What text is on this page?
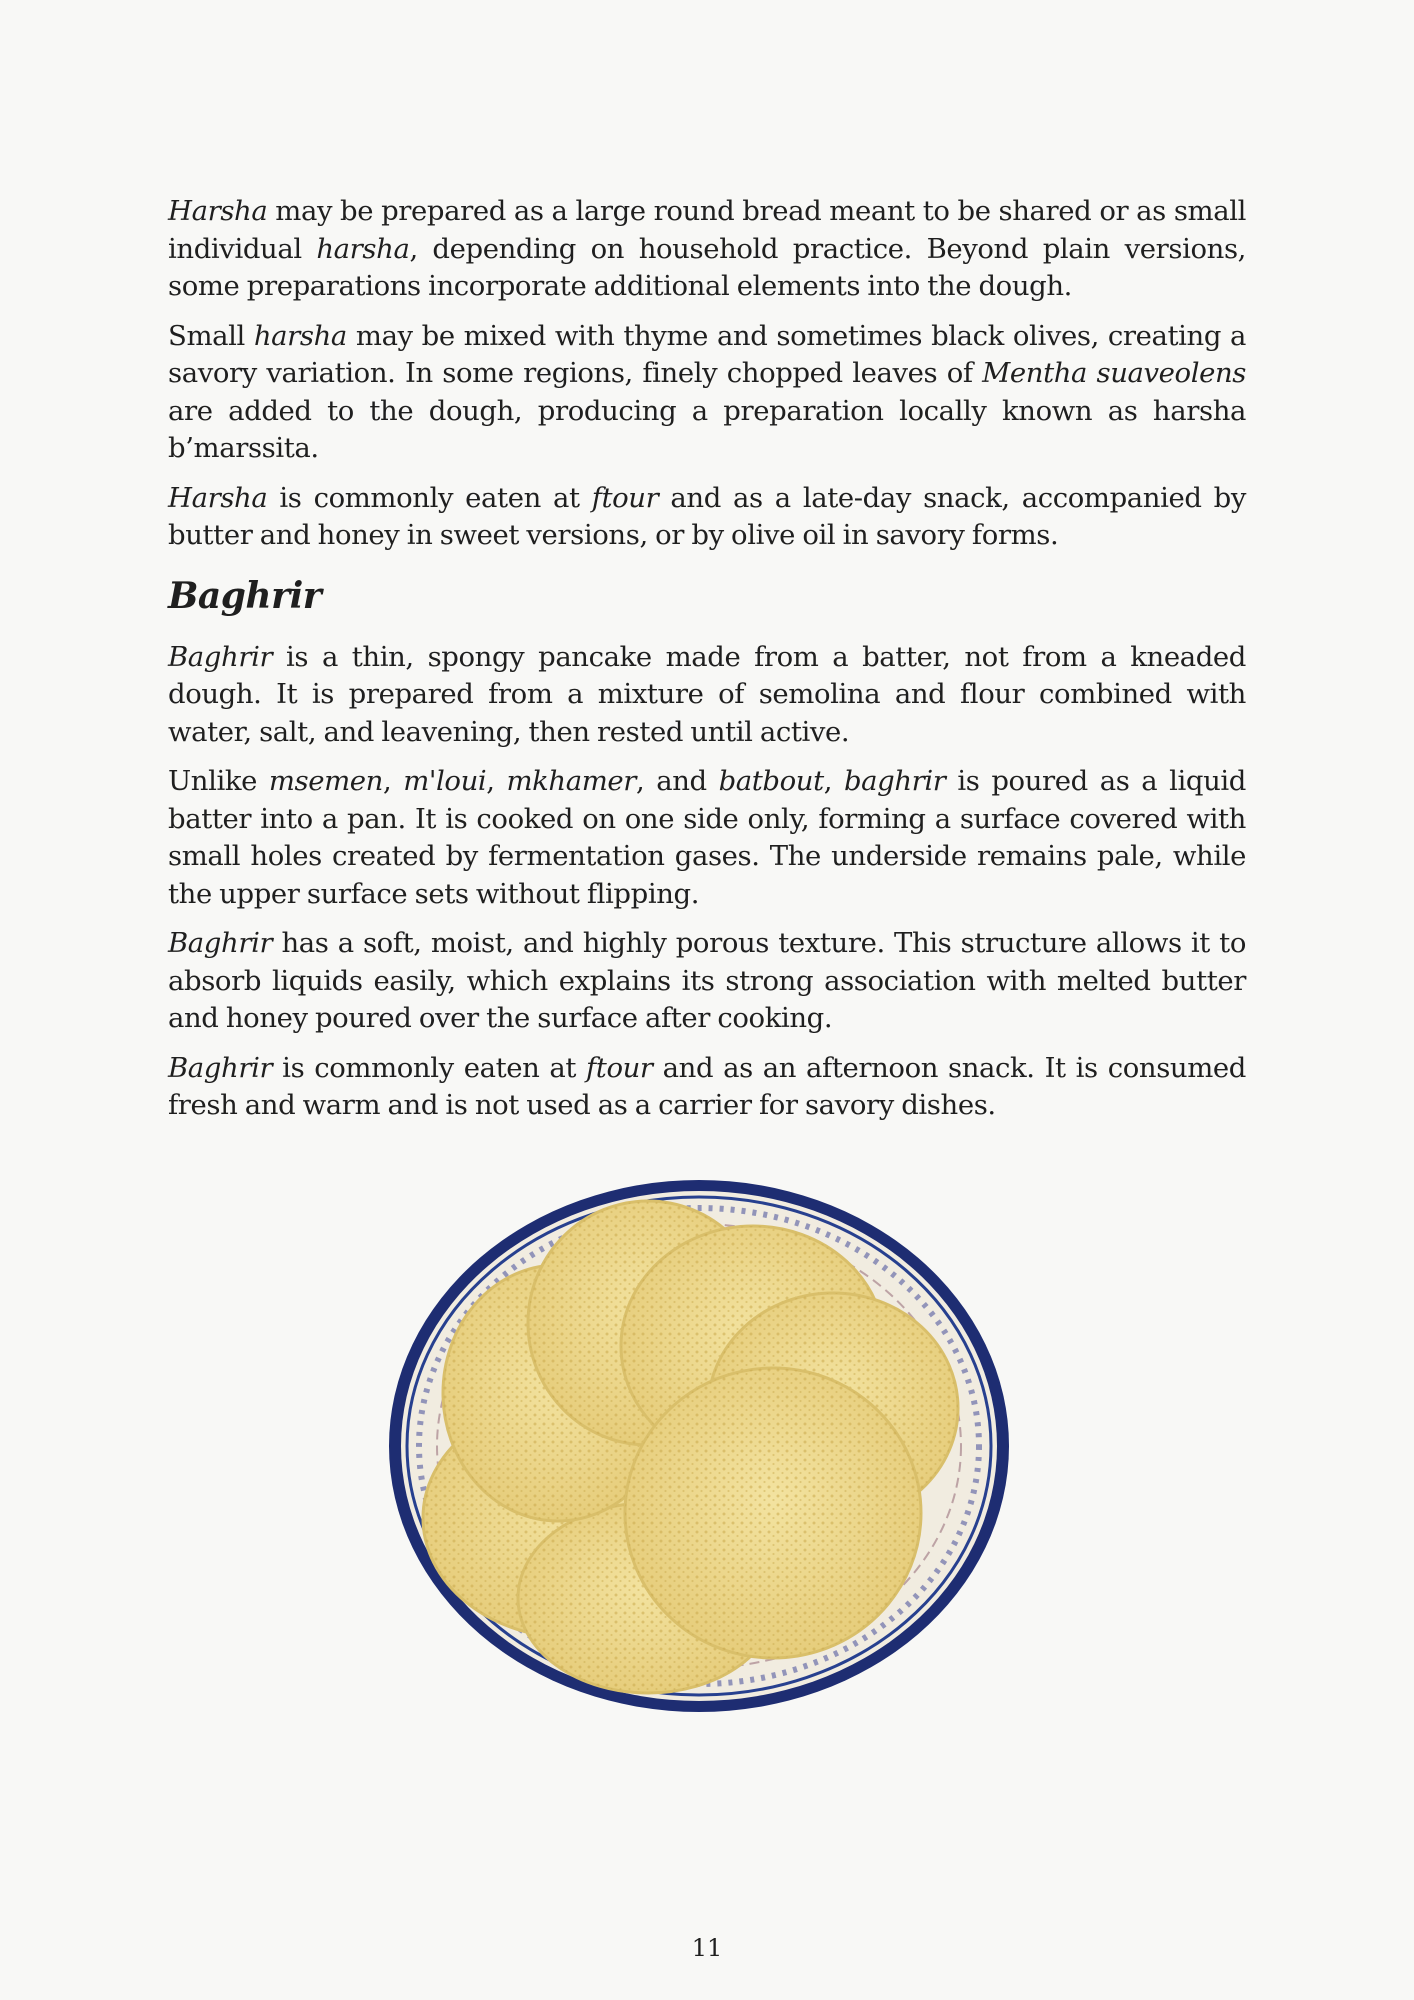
Harsha may be prepared as a large round bread meant to be shared or as small individual harsha, depending on household practice. Beyond plain versions, some preparations incorporate additional elements into the dough.

Small harsha may be mixed with thyme and sometimes black olives, creating a savory variation. In some regions, finely chopped leaves of Mentha suaveolens are added to the dough, producing a preparation locally known as harsha b’marssita.

Harsha is commonly eaten at ftour and as a late-day snack, accompanied by butter and honey in sweet versions, or by olive oil in savory forms.

Baghrir

Baghrir is a thin, spongy pancake made from a batter, not from a kneaded dough. It is prepared from a mixture of semolina and flour combined with water, salt, and leavening, then rested until active.

Unlike msemen, m'loui, mkhamer, and batbout, baghrir is poured as a liquid batter into a pan. It is cooked on one side only, forming a surface covered with small holes created by fermentation gases. The underside remains pale, while the upper surface sets without flipping.

Baghrir has a soft, moist, and highly porous texture. This structure allows it to absorb liquids easily, which explains its strong association with melted butter and honey poured over the surface after cooking.

Baghrir is commonly eaten at ftour and as an afternoon snack. It is consumed fresh and warm and is not used as a carrier for savory dishes.

11
